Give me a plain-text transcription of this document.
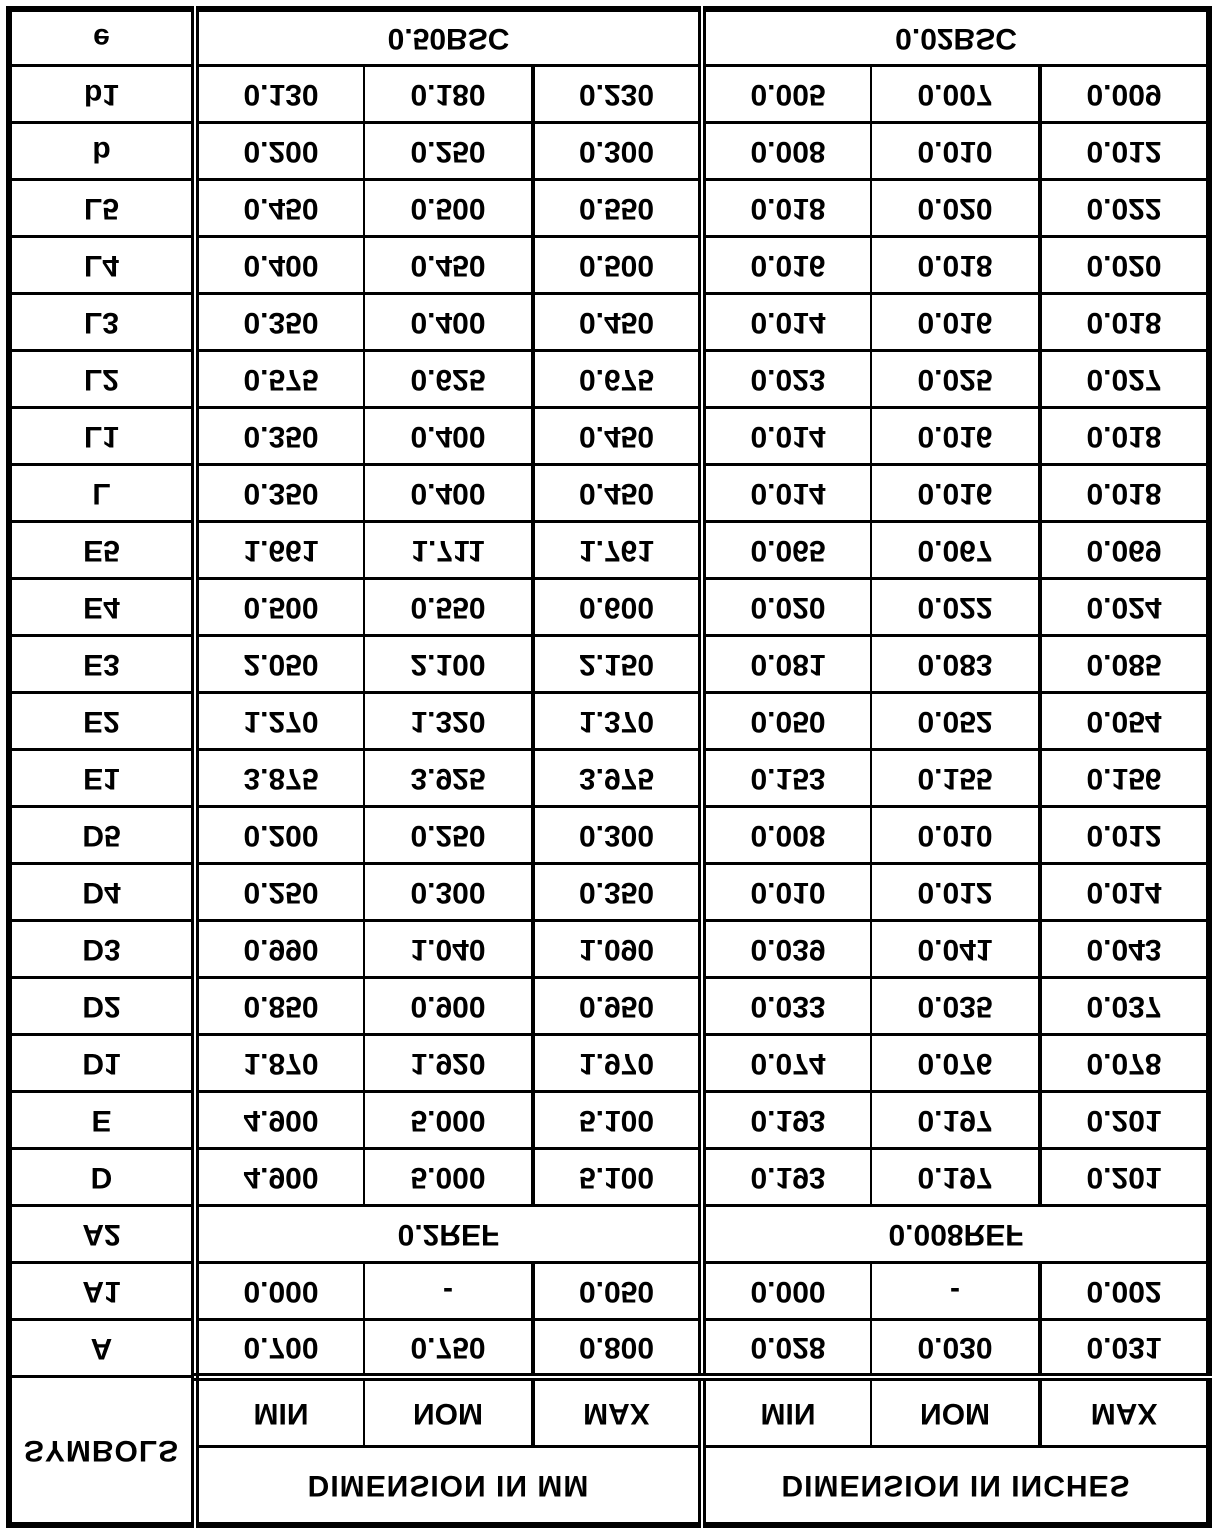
SYMBOLS	DIMENSION IN MM			DIMENSION IN INCHES		
	MIN	NOM	MAX	MIN	NOM	MAX
A	0.700	0.750	0.800	0.028	0.030	0.031
A1	0.000	-	0.050	0.000	-	0.002
A2	0.2REF			0.008REF		
D	4.900	5.000	5.100	0.193	0.197	0.201
E	4.900	5.000	5.100	0.193	0.197	0.201
D1	1.870	1.920	1.970	0.074	0.076	0.078
D2	0.850	0.900	0.950	0.033	0.035	0.037
D3	0.990	1.040	1.090	0.039	0.041	0.043
D4	0.250	0.300	0.350	0.010	0.012	0.014
D5	0.200	0.250	0.300	0.008	0.010	0.012
E1	3.875	3.925	3.975	0.153	0.155	0.156
E2	1.270	1.320	1.370	0.050	0.052	0.054
E3	2.050	2.100	2.150	0.081	0.083	0.085
E4	0.500	0.550	0.600	0.020	0.022	0.024
E5	1.661	1.711	1.761	0.065	0.067	0.069
L	0.350	0.400	0.450	0.014	0.016	0.018
L1	0.350	0.400	0.450	0.014	0.016	0.018
L2	0.575	0.625	0.675	0.023	0.025	0.027
L3	0.350	0.400	0.450	0.014	0.016	0.018
L4	0.400	0.450	0.500	0.016	0.018	0.020
L5	0.450	0.500	0.550	0.018	0.020	0.022
b	0.200	0.250	0.300	0.008	0.010	0.012
b1	0.130	0.180	0.230	0.005	0.007	0.009
e	0.50BSC			0.02BSC		
